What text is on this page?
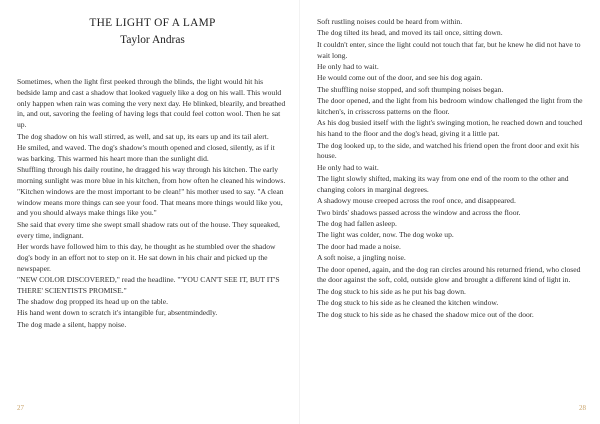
THE LIGHT OF A LAMP
Taylor Andras

Sometimes, when the light first peeked through the blinds, the light would hit his bedside lamp and cast a shadow that looked vaguely like a dog on his wall. This would only happen when rain was coming the very next day. He blinked, blearily, and breathed in, and out, savoring the feeling of having legs that could feel cotton wool. Then he sat up.

The dog shadow on his wall stirred, as well, and sat up, its ears up and its tail alert.

He smiled, and waved. The dog's shadow's mouth opened and closed, silently, as if it was barking. This warmed his heart more than the sunlight did.

Shuffling through his daily routine, he dragged his way through his kitchen. The early morning sunlight was more blue in his kitchen, from how often he cleaned his windows. "Kitchen windows are the most important to be clean!" his mother used to say. "A clean window means more things can see your food. That means more things would like you, and you should always make things like you."

She said that every time she swept small shadow rats out of the house. They squeaked, every time, indignant.

Her words have followed him to this day, he thought as he stumbled over the shadow dog's body in an effort not to step on it. He sat down in his chair and picked up the newspaper.

"NEW COLOR DISCOVERED," read the headline. "'YOU CAN'T SEE IT, BUT IT'S THERE' SCIENTISTS PROMISE."

The shadow dog propped its head up on the table.

His hand went down to scratch it's intangible fur, absentmindedly.

The dog made a silent, happy noise.

27

Soft rustling noises could be heard from within.

The dog tilted its head, and moved its tail once, sitting down.

It couldn't enter, since the light could not touch that far, but he knew he did not have to wait long.

He only had to wait.

He would come out of the door, and see his dog again.

The shuffling noise stopped, and soft thumping noises began.

The door opened, and the light from his bedroom window challenged the light from the kitchen's, in crisscross patterns on the floor.

As his dog busied itself with the light's swinging motion, he reached down and touched his hand to the floor and the dog's head, giving it a little pat.

The dog looked up, to the side, and watched his friend open the front door and exit his house.

He only had to wait.

The light slowly shifted, making its way from one end of the room to the other and changing colors in marginal degrees.

A shadowy mouse creeped across the roof once, and disappeared.

Two birds' shadows passed across the window and across the floor.

The dog had fallen asleep.

The light was colder, now. The dog woke up.

The door had made a noise.

A soft noise, a jingling noise.

The door opened, again, and the dog ran circles around his returned friend, who closed the door against the soft, cold, outside glow and brought a different kind of light in.

The dog stuck to his side as he put his bag down.

The dog stuck to his side as he cleaned the kitchen window.

The dog stuck to his side as he chased the shadow mice out of the door.

28
